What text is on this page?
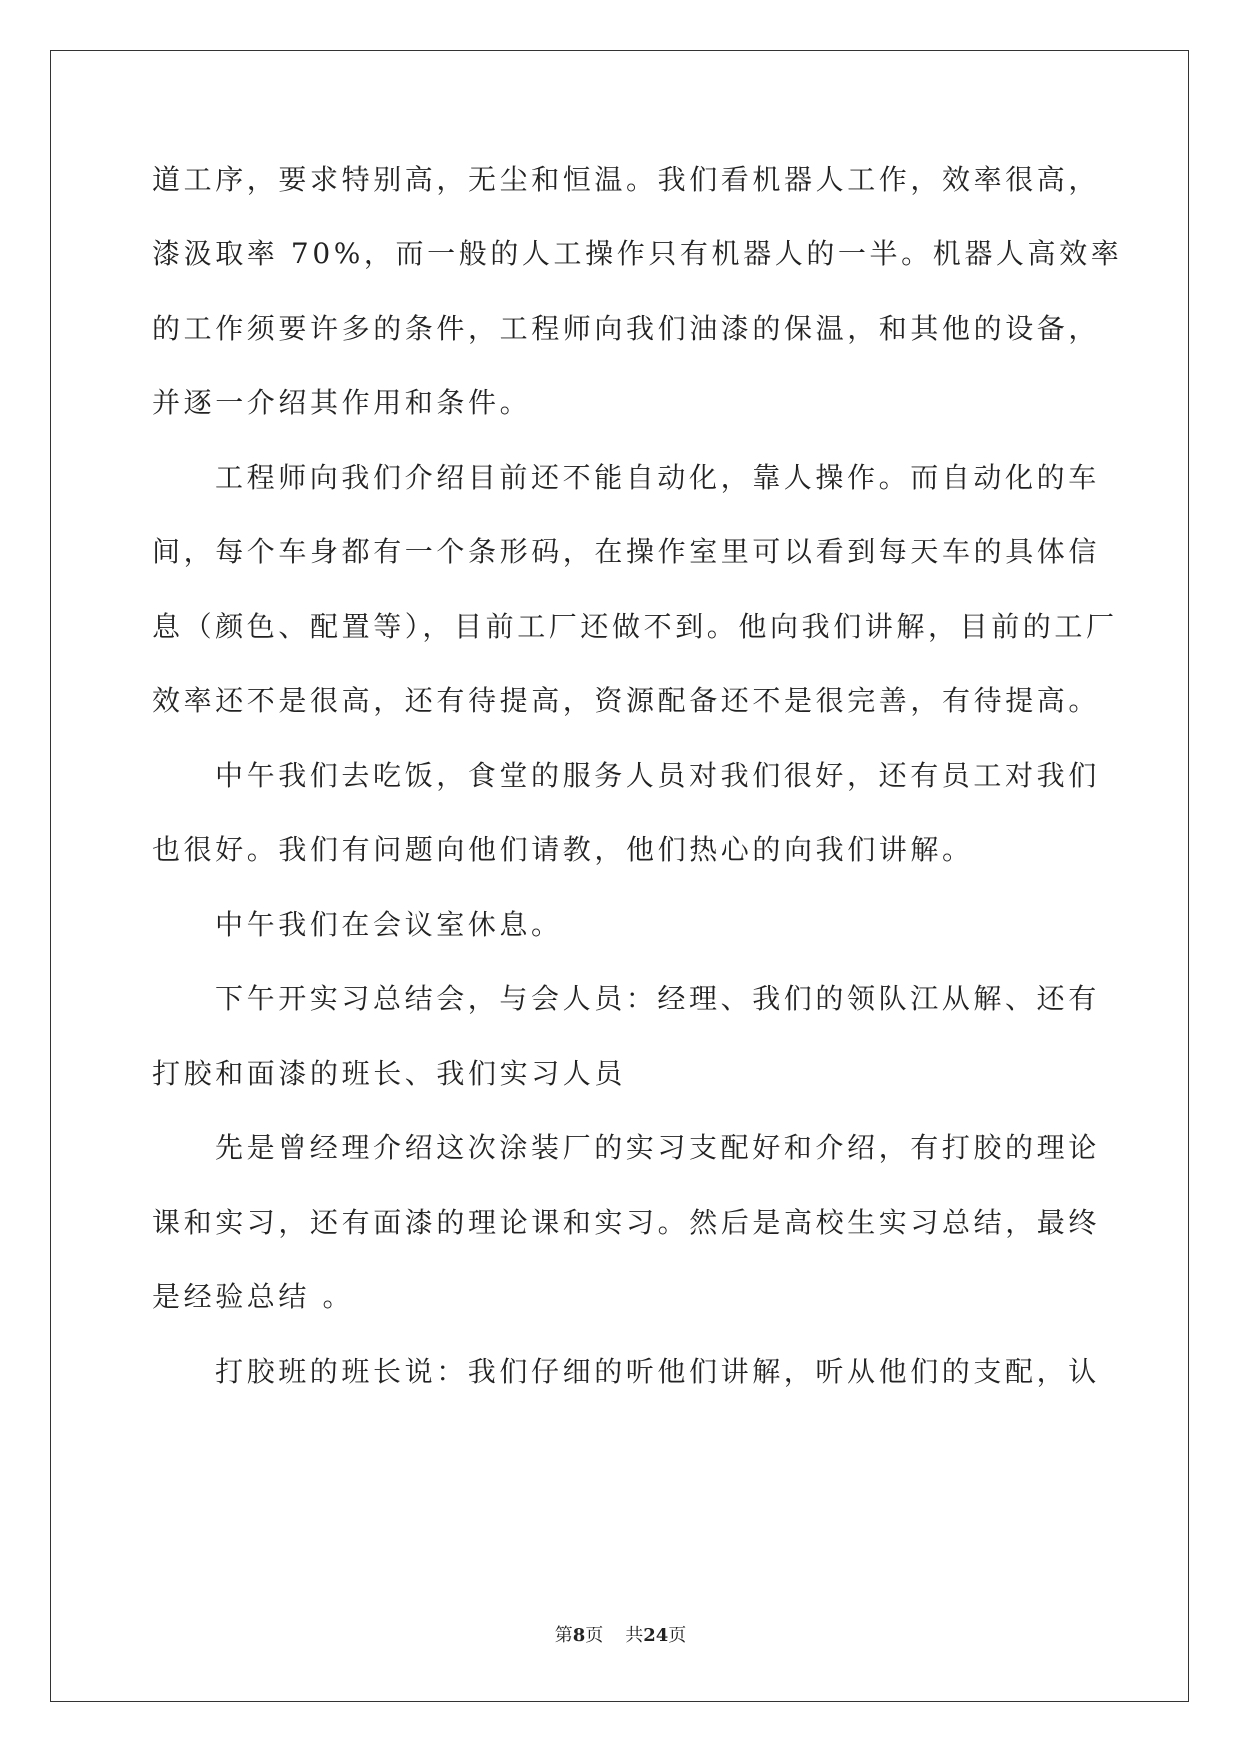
道工序，要求特别高，无尘和恒温。我们看机器人工作，效率很高，
漆汲取率 70%，而一般的人工操作只有机器人的一半。机器人高效率
的工作须要许多的条件，工程师向我们油漆的保温，和其他的设备，
并逐一介绍其作用和条件。
工程师向我们介绍目前还不能自动化，靠人操作。而自动化的车
间，每个车身都有一个条形码，在操作室里可以看到每天车的具体信
息（颜色、配置等），目前工厂还做不到。他向我们讲解，目前的工厂
效率还不是很高，还有待提高，资源配备还不是很完善，有待提高。
中午我们去吃饭，食堂的服务人员对我们很好，还有员工对我们
也很好。我们有问题向他们请教，他们热心的向我们讲解。
中午我们在会议室休息。
下午开实习总结会，与会人员：经理、我们的领队江从解、还有
打胶和面漆的班长、我们实习人员
先是曾经理介绍这次涂装厂的实习支配好和介绍，有打胶的理论
课和实习，还有面漆的理论课和实习。然后是高校生实习总结，最终
是经验总结 。
打胶班的班长说：我们仔细的听他们讲解，听从他们的支配，认
第8页 共24页
